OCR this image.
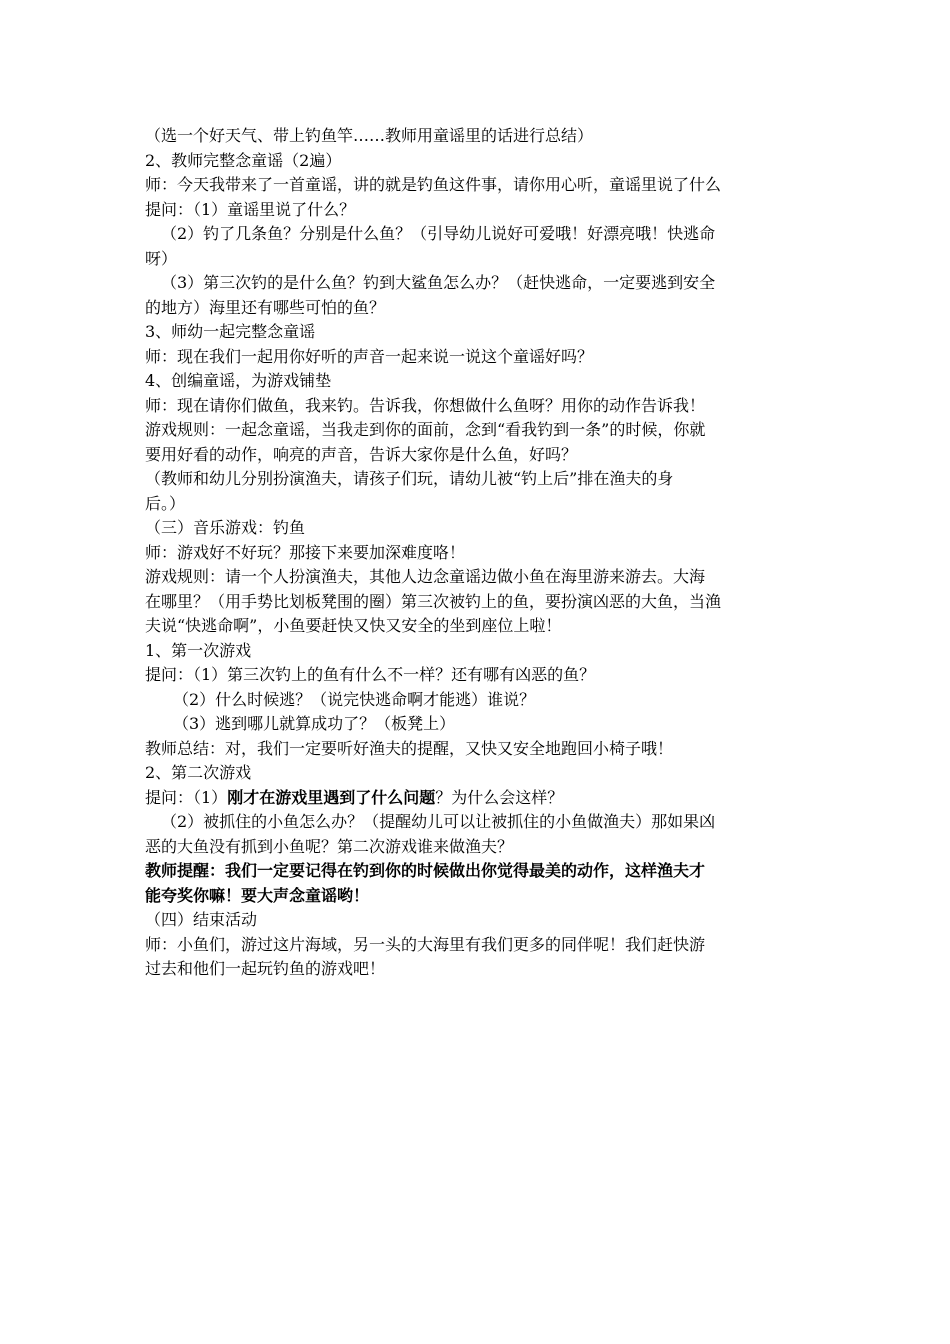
（选一个好天气、带上钓鱼竿……教师用童谣里的话进行总结）
2、教师完整念童谣（2遍）
师：今天我带来了一首童谣，讲的就是钓鱼这件事，请你用心听，童谣里说了什么
提问：（1）童谣里说了什么？
（2）钓了几条鱼？分别是什么鱼？（引导幼儿说好可爱哦！好漂亮哦！快逃命
呀）
（3）第三次钓的是什么鱼？钓到大鲨鱼怎么办？（赶快逃命，一定要逃到安全
的地方）海里还有哪些可怕的鱼？
3、师幼一起完整念童谣
师：现在我们一起用你好听的声音一起来说一说这个童谣好吗？
4、创编童谣，为游戏铺垫
师：现在请你们做鱼，我来钓。告诉我，你想做什么鱼呀？用你的动作告诉我！
游戏规则：一起念童谣，当我走到你的面前，念到“看我钓到一条”的时候，你就
要用好看的动作，响亮的声音，告诉大家你是什么鱼，好吗？
（教师和幼儿分别扮演渔夫，请孩子们玩，请幼儿被“钓上后”排在渔夫的身
后。）
（三）音乐游戏：钓鱼
师：游戏好不好玩？那接下来要加深难度咯！
游戏规则：请一个人扮演渔夫，其他人边念童谣边做小鱼在海里游来游去。大海
在哪里？（用手势比划板凳围的圈）第三次被钓上的鱼，要扮演凶恶的大鱼，当渔
夫说“快逃命啊”，小鱼要赶快又快又安全的坐到座位上啦！
1、第一次游戏
提问：（1）第三次钓上的鱼有什么不一样？还有哪有凶恶的鱼？
（2）什么时候逃？（说完快逃命啊才能逃）谁说？
（3）逃到哪儿就算成功了？（板凳上）
教师总结：对，我们一定要听好渔夫的提醒，又快又安全地跑回小椅子哦！
2、第二次游戏
提问：（1）刚才在游戏里遇到了什么问题？为什么会这样？
（2）被抓住的小鱼怎么办？（提醒幼儿可以让被抓住的小鱼做渔夫）那如果凶
恶的大鱼没有抓到小鱼呢？第二次游戏谁来做渔夫？
教师提醒：我们一定要记得在钓到你的时候做出你觉得最美的动作，这样渔夫才
能夸奖你嘛！要大声念童谣哟！
（四）结束活动
师：小鱼们，游过这片海域，另一头的大海里有我们更多的同伴呢！我们赶快游
过去和他们一起玩钓鱼的游戏吧！
